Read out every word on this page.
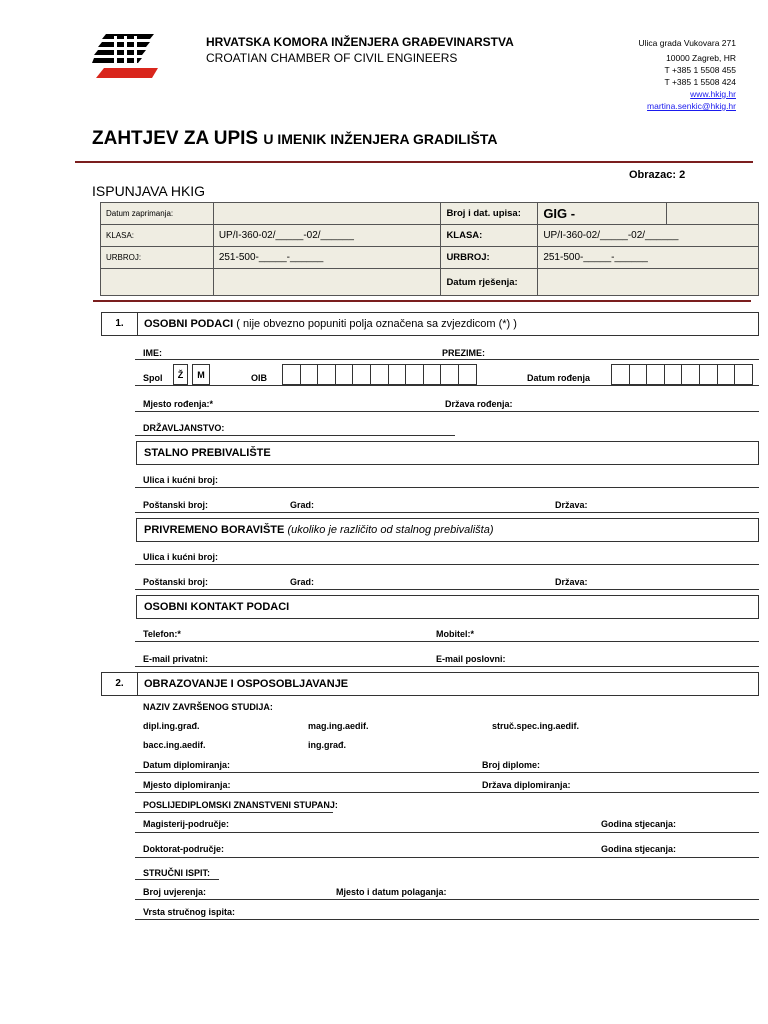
HRVATSKA KOMORA INŽENJERA GRAĐEVINARSTVA
CROATIAN CHAMBER OF CIVIL ENGINEERS
Ulica grada Vukovara 271
10000 Zagreb, HR
T +385 1 5508 455
T +385 1 5508 424
www.hkig.hr
martina.senkic@hkig.hr
ZAHTJEV ZA UPIS U IMENIK INŽENJERA GRADILIŠTA
Obrazac: 2
ISPUNJAVA HKIG
Datum zaprimanja:		Broj i dat. upisa:	GIG -	
KLASA:	UP/I-360-02/_____-02/______	KLASA:	UP/I-360-02/_____-02/______	
URBROJ:	251-500-_____-______	URBROJ:	251-500-_____-______	
		Datum rješenja:		
1.	OSOBNI PODACI ( nije obvezno popuniti polja označena sa zvjezdicom (*) )
IME:	PREZIME:
Spol	Ž	M	OIB	Datum rođenja
Mjesto rođenja:*	Država rođenja:
DRŽAVLJANSTVO:
STALNO PREBIVALIŠTE
Ulica i kućni broj:
Poštanski broj:	Grad:	Država:
PRIVREMENO BORAVIŠTE (ukoliko je različito od stalnog prebivališta)
Ulica i kućni broj:
Poštanski broj:	Grad:	Država:
OSOBNI KONTAKT PODACI
Telefon:*	Mobitel:*
E-mail privatni:	E-mail poslovni:
2.	OBRAZOVANJE I OSPOSOBLJAVANJE
NAZIV ZAVRŠENOG STUDIJA:
dipl.ing.građ.	mag.ing.aedif.	struč.spec.ing.aedif.
bacc.ing.aedif.	ing.građ.
Datum diplomiranja:	Broj diplome:
Mjesto diplomiranja:	Država diplomiranja:
POSLIJEDIPLOMSKI ZNANSTVENI STUPANJ:
Magisterij-područje:	Godina stjecanja:
Doktorat-područje:	Godina stjecanja:
STRUČNI ISPIT:
Broj uvjerenja:	Mjesto i datum polaganja:
Vrsta stručnog ispita:
